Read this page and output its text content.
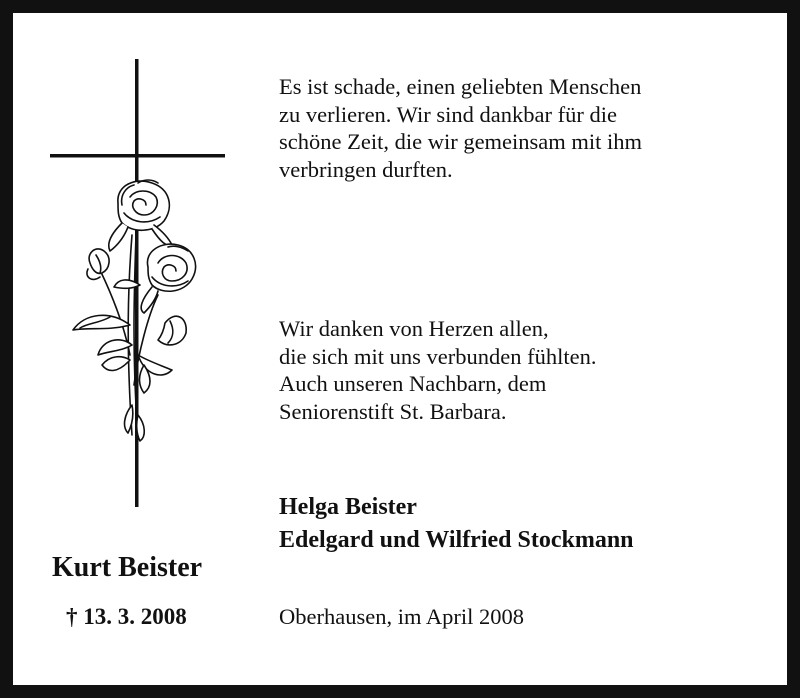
Kurt Beister
† 13. 3. 2008
Es ist schade, einen geliebten Menschen
zu verlieren. Wir sind dankbar für die
schöne Zeit, die wir gemeinsam mit ihm
verbringen durften.
Wir danken von Herzen allen,
die sich mit uns verbunden fühlten.
Auch unseren Nachbarn, dem
Seniorenstift St. Barbara.
Helga Beister
Edelgard und Wilfried Stockmann
Oberhausen, im April 2008
